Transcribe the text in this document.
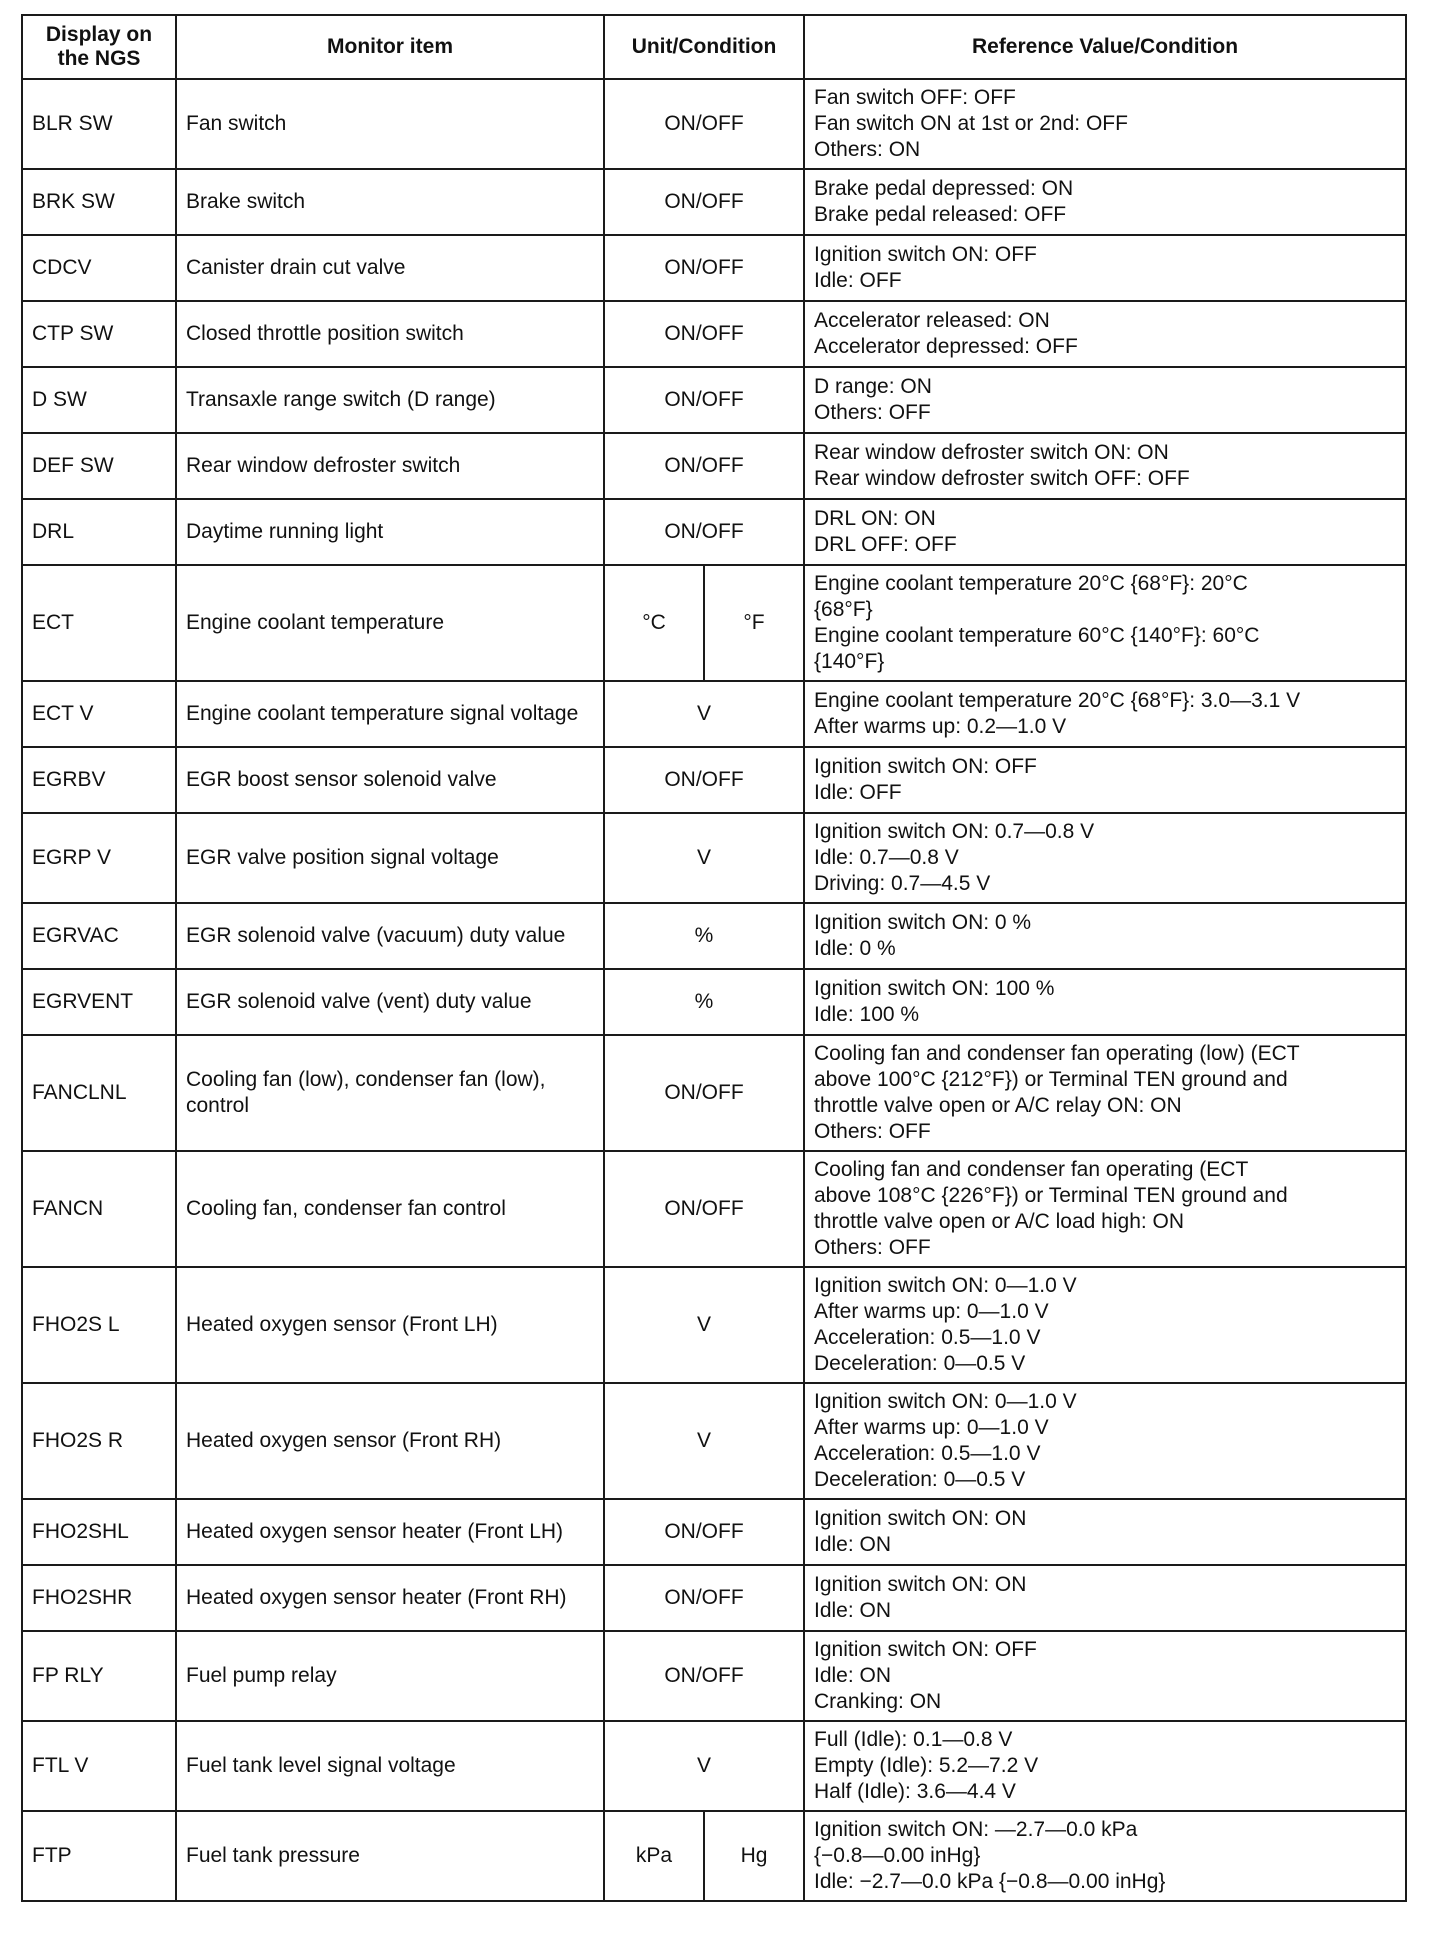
Display on the NGS	Monitor item	Unit/Condition		Reference Value/Condition
BLR SW	Fan switch	ON/OFF		Fan switch OFF: OFF
Fan switch ON at 1st or 2nd: OFF
Others: ON

BRK SW	Brake switch	ON/OFF		Brake pedal depressed: ON
Brake pedal released: OFF

CDCV	Canister drain cut valve	ON/OFF		Ignition switch ON: OFF
Idle: OFF

CTP SW	Closed throttle position switch	ON/OFF		Accelerator released: ON
Accelerator depressed: OFF

D SW	Transaxle range switch (D range)	ON/OFF		D range: ON
Others: OFF

DEF SW	Rear window defroster switch	ON/OFF		Rear window defroster switch ON: ON
Rear window defroster switch OFF: OFF

DRL	Daytime running light	ON/OFF		DRL ON: ON
DRL OFF: OFF

ECT	Engine coolant temperature	°C	°F	Engine coolant temperature 20°C {68°F}: 20°C
{68°F}
Engine coolant temperature 60°C {140°F}: 60°C
{140°F}

ECT V	Engine coolant temperature signal voltage	V		Engine coolant temperature 20°C {68°F}: 3.0—3.1 V
After warms up: 0.2—1.0 V

EGRBV	EGR boost sensor solenoid valve	ON/OFF		Ignition switch ON: OFF
Idle: OFF

EGRP V	EGR valve position signal voltage	V		Ignition switch ON: 0.7—0.8 V
Idle: 0.7—0.8 V
Driving: 0.7—4.5 V

EGRVAC	EGR solenoid valve (vacuum) duty value	%		Ignition switch ON: 0 %
Idle: 0 %

EGRVENT	EGR solenoid valve (vent) duty value	%		Ignition switch ON: 100 %
Idle: 100 %

FANCLNL	Cooling fan (low), condenser fan (low), control	ON/OFF		Cooling fan and condenser fan operating (low) (ECT
above 100°C {212°F}) or Terminal TEN ground and
throttle valve open or A/C relay ON: ON
Others: OFF

FANCN	Cooling fan, condenser fan control	ON/OFF		Cooling fan and condenser fan operating (ECT
above 108°C {226°F}) or Terminal TEN ground and
throttle valve open or A/C load high: ON
Others: OFF

FHO2S L	Heated oxygen sensor (Front LH)	V		Ignition switch ON: 0—1.0 V
After warms up: 0—1.0 V
Acceleration: 0.5—1.0 V
Deceleration: 0—0.5 V

FHO2S R	Heated oxygen sensor (Front RH)	V		Ignition switch ON: 0—1.0 V
After warms up: 0—1.0 V
Acceleration: 0.5—1.0 V
Deceleration: 0—0.5 V

FHO2SHL	Heated oxygen sensor heater (Front LH)	ON/OFF		Ignition switch ON: ON
Idle: ON

FHO2SHR	Heated oxygen sensor heater (Front RH)	ON/OFF		Ignition switch ON: ON
Idle: ON

FP RLY	Fuel pump relay	ON/OFF		Ignition switch ON: OFF
Idle: ON
Cranking: ON

FTL V	Fuel tank level signal voltage	V		Full (Idle): 0.1—0.8 V
Empty (Idle): 5.2—7.2 V
Half (Idle): 3.6—4.4 V

FTP	Fuel tank pressure	kPa	Hg	Ignition switch ON: —2.7—0.0 kPa
{−0.8—0.00 inHg}
Idle: −2.7—0.0 kPa {−0.8—0.00 inHg}
